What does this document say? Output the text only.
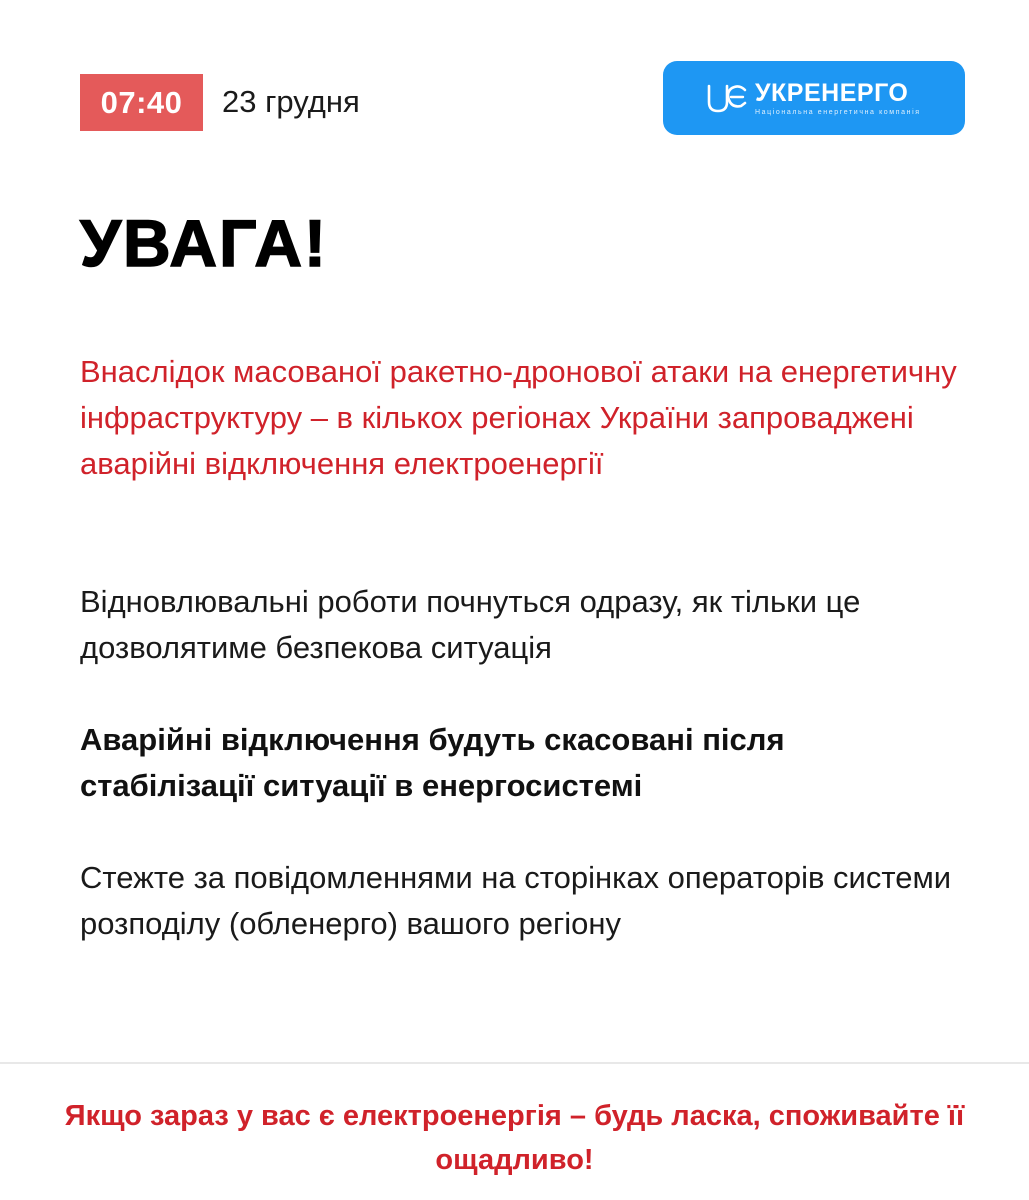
07:40 23 грудня	УКРЕНЕРГО
Національна енергетична компанія
УВАГА!

Внаслідок масованої ракетно-дронової атаки на енергетичну інфраструктуру – в кількох регіонах України запроваджені аварійні відключення електроенергії

Відновлювальні роботи почнуться одразу, як тільки це дозволятиме безпекова ситуація

Аварійні відключення будуть скасовані після стабілізації ситуації в енергосистемі

Стежте за повідомленнями на сторінках операторів системи розподілу (обленерго) вашого регіону

Якщо зараз у вас є електроенергія – будь ласка, споживайте її ощадливо!
